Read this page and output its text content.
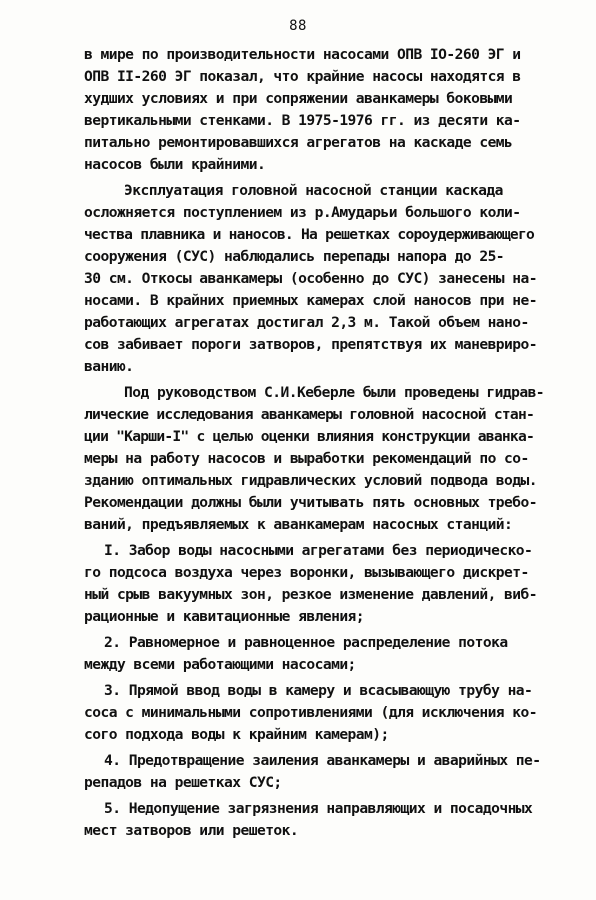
88
в мире по производительности насосами ОПВ IO-260 ЭГ и
ОПВ II-260 ЭГ показал, что крайние насосы находятся в
худших условиях и при сопряжении аванкамеры боковыми
вертикальными стенками. В 1975-1976 гг. из десяти ка-
питально ремонтировавшихся агрегатов на каскаде семь
насосов были крайними.
Эксплуатация головной насосной станции каскада
осложняется поступлением из р.Амударьи большого коли-
чества плавника и наносов. На решетках сороудерживающего
сооружения (СУС) наблюдались перепады напора до 25-
30 см. Откосы аванкамеры (особенно до СУС) занесены на-
носами. В крайних приемных камерах слой наносов при не-
работающих агрегатах достигал 2,3 м. Такой объем нано-
сов забивает пороги затворов, препятствуя их маневриро-
ванию.
Под руководством С.И.Keберле были проведены гидрав-
лические исследования аванкамеры головной насосной стан-
ции "Карши-I" с целью оценки влияния конструкции аванка-
меры на работу насосов и выработки рекомендаций по со-
зданию оптимальных гидравлических условий подвода воды.
Рекомендации должны были учитывать пять основных требо-
ваний, предъявляемых к аванкамерам насосных станций:
I. Забор воды насосными агрегатами без периодическо-
го подсоса воздуха через воронки, вызывающего дискрет-
ный срыв вакуумных зон, резкое изменение давлений, виб-
рационные и кавитационные явления;
2. Равномерное и равноценное распределение потока
между всеми работающими насосами;
3. Прямой ввод воды в камеру и всасывающую трубу на-
соса с минимальными сопротивлениями (для исключения ко-
сого подхода воды к крайним камерам);
4. Предотвращение заиления аванкамеры и аварийных пе-
репадов на решетках СУС;
5. Недопущение загрязнения направляющих и посадочных
мест затворов или решеток.
